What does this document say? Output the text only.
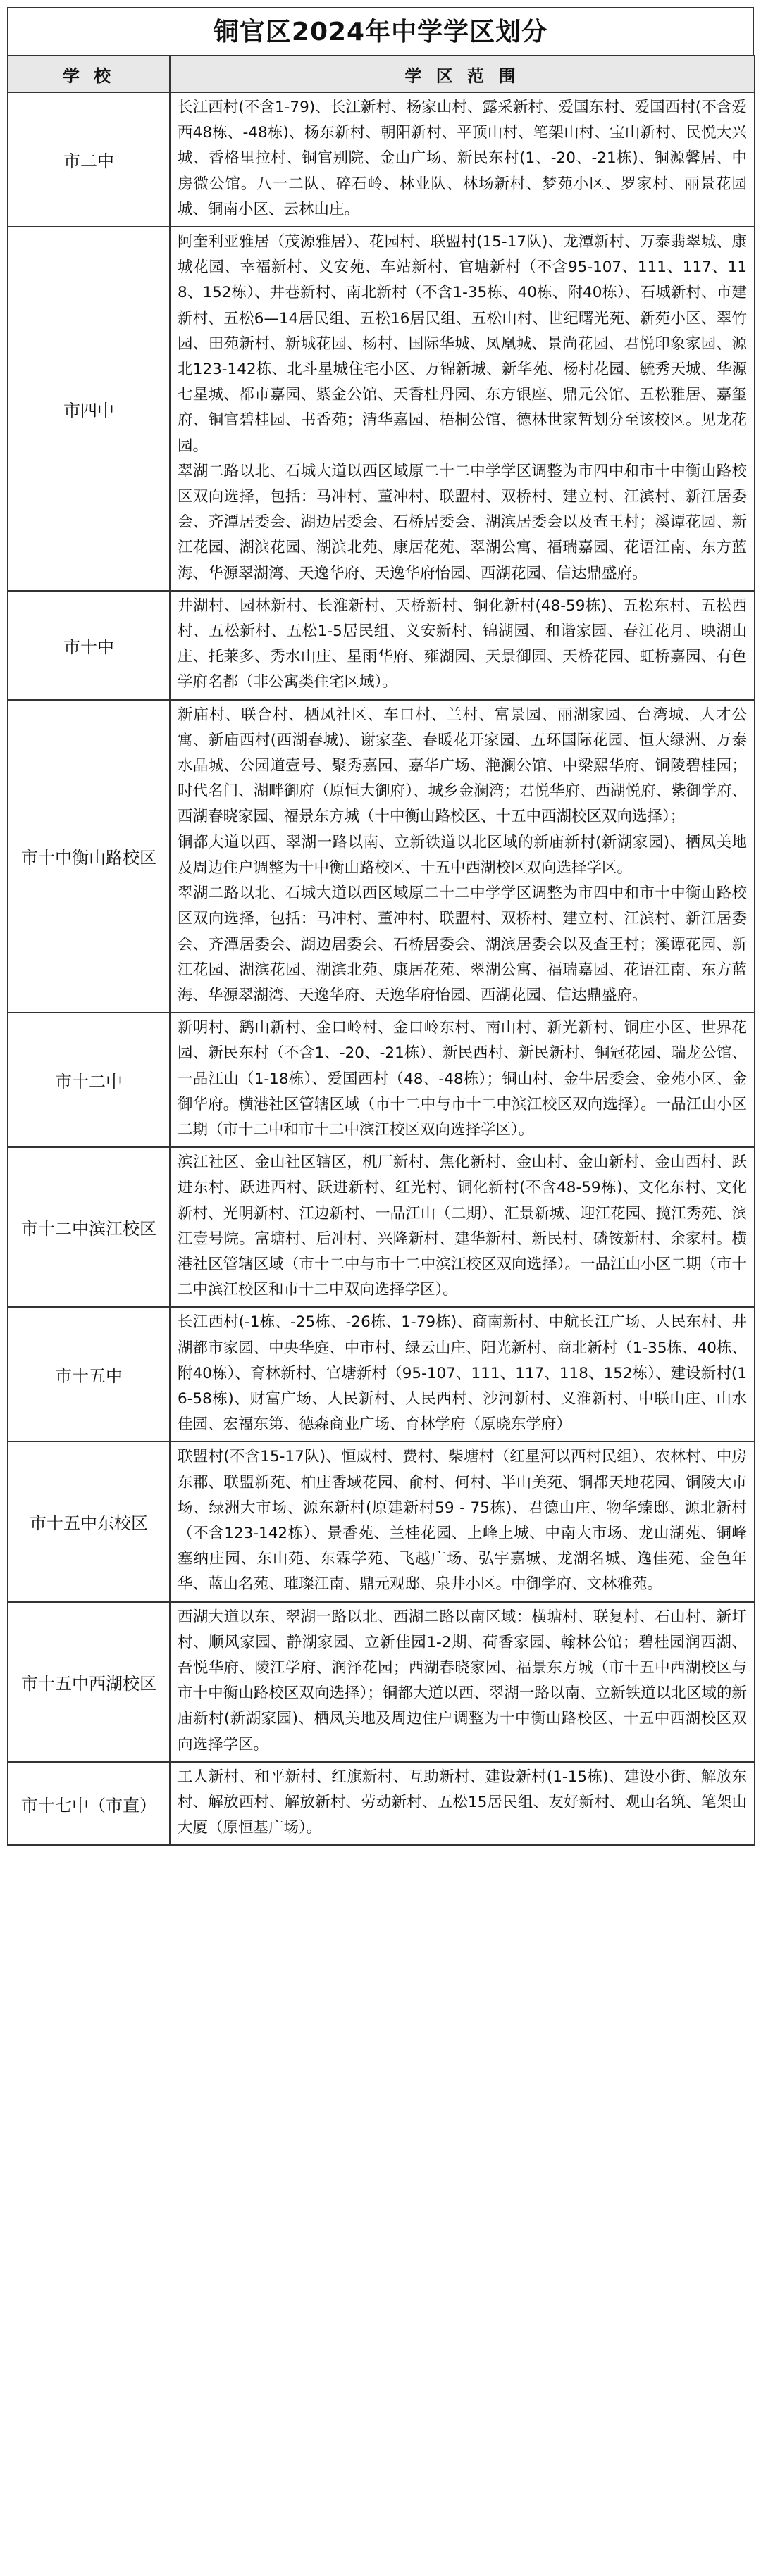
铜官区2024年中学学区划分
学 校	学 区 范 围
市二中	长江西村(不含1-79)、长江新村、杨家山村、露采新村、爱国东村、爱国西村(不含爱西48栋、-48栋)、杨东新村、朝阳新村、平顶山村、笔架山村、宝山新村、民悦大兴城、香格里拉村、铜官别院、金山广场、新民东村(1、-20、-21栋)、铜源馨居、中房微公馆。八一二队、碎石岭、林业队、林场新村、梦苑小区、罗家村、丽景花园城、铜南小区、云林山庄。

市四中	阿奎利亚雅居（茂源雅居）、花园村、联盟村(15-17队)、龙潭新村、万泰翡翠城、康城花园、幸福新村、义安苑、车站新村、官塘新村（不含95-107、111、117、118、152栋）、井巷新村、南北新村（不含1-35栋、40栋、附40栋）、石城新村、市建新村、五松6—14居民组、五松16居民组、五松山村、世纪曙光苑、新苑小区、翠竹园、田苑新村、新城花园、杨村、国际华城、凤凰城、景尚花园、君悦印象家园、源北123-142栋、北斗星城住宅小区、万锦新城、新华苑、杨村花园、毓秀天城、华源七星城、都市嘉园、紫金公馆、天香杜丹园、东方银座、鼎元公馆、五松雅居、嘉玺府、铜官碧桂园、书香苑；清华嘉园、梧桐公馆、德林世家暂划分至该校区。见龙花园。

翠湖二路以北、石城大道以西区域原二十二中学学区调整为市四中和市十中衡山路校区双向选择，包括：马冲村、董冲村、联盟村、双桥村、建立村、江滨村、新江居委会、齐潭居委会、湖边居委会、石桥居委会、湖滨居委会以及查王村；溪谭花园、新江花园、湖滨花园、湖滨北苑、康居花苑、翠湖公寓、福瑞嘉园、花语江南、东方蓝海、华源翠湖湾、天逸华府、天逸华府怡园、西湖花园、信达鼎盛府。

市十中	井湖村、园林新村、长淮新村、天桥新村、铜化新村(48-59栋)、五松东村、五松西村、五松新村、五松1-5居民组、义安新村、锦湖园、和谐家园、春江花月、映湖山庄、托莱多、秀水山庄、星雨华府、雍湖园、天景御园、天桥花园、虹桥嘉园、有色学府名都（非公寓类住宅区域）。

市十中衡山路校区	新庙村、联合村、栖凤社区、车口村、兰村、富景园、丽湖家园、台湾城、人才公寓、新庙西村(西湖春城)、谢家垄、春暖花开家园、五环国际花园、恒大绿洲、万泰水晶城、公园道壹号、聚秀嘉园、嘉华广场、滟澜公馆、中梁熙华府、铜陵碧桂园；时代名门、湖畔御府（原恒大御府）、城乡金澜湾；君悦华府、西湖悦府、紫御学府、西湖春晓家园、福景东方城（十中衡山路校区、十五中西湖校区双向选择）；

铜都大道以西、翠湖一路以南、立新铁道以北区域的新庙新村(新湖家园)、栖凤美地及周边住户调整为十中衡山路校区、十五中西湖校区双向选择学区。

翠湖二路以北、石城大道以西区域原二十二中学学区调整为市四中和市十中衡山路校区双向选择，包括：马冲村、董冲村、联盟村、双桥村、建立村、江滨村、新江居委会、齐潭居委会、湖边居委会、石桥居委会、湖滨居委会以及查王村；溪谭花园、新江花园、湖滨花园、湖滨北苑、康居花苑、翠湖公寓、福瑞嘉园、花语江南、东方蓝海、华源翠湖湾、天逸华府、天逸华府怡园、西湖花园、信达鼎盛府。

市十二中	新明村、鹞山新村、金口岭村、金口岭东村、南山村、新光新村、铜庄小区、世界花园、新民东村（不含1、-20、-21栋）、新民西村、新民新村、铜冠花园、瑞龙公馆、一品江山（1-18栋）、爱国西村（48、-48栋）；铜山村、金牛居委会、金苑小区、金御华府。横港社区管辖区域（市十二中与市十二中滨江校区双向选择）。一品江山小区二期（市十二中和市十二中滨江校区双向选择学区）。

市十二中滨江校区	滨江社区、金山社区辖区，机厂新村、焦化新村、金山村、金山新村、金山西村、跃进东村、跃进西村、跃进新村、红光村、铜化新村(不含48-59栋)、文化东村、文化新村、光明新村、江边新村、一品江山（二期）、汇景新城、迎江花园、揽江秀苑、滨江壹号院。富塘村、后冲村、兴隆新村、建华新村、新民村、磷铵新村、余家村。横港社区管辖区域（市十二中与市十二中滨江校区双向选择）。一品江山小区二期（市十二中滨江校区和市十二中双向选择学区）。

市十五中	长江西村(-1栋、-25栋、-26栋、1-79栋)、商南新村、中航长江广场、人民东村、井湖都市家园、中央华庭、中市村、绿云山庄、阳光新村、商北新村（1-35栋、40栋、附40栋）、育林新村、官塘新村（95-107、111、117、118、152栋）、建设新村(16-58栋)、财富广场、人民新村、人民西村、沙河新村、义淮新村、中联山庄、山水佳园、宏福东第、德森商业广场、育林学府（原晓东学府）

市十五中东校区	联盟村(不含15-17队)、恒威村、费村、柴塘村（红星河以西村民组）、农林村、中房东郡、联盟新苑、柏庄香域花园、俞村、何村、半山美苑、铜都天地花园、铜陵大市场、绿洲大市场、源东新村(原建新村59 - 75栋)、君德山庄、物华臻邸、源北新村（不含123-142栋）、景香苑、兰桂花园、上峰上城、中南大市场、龙山湖苑、铜峰塞纳庄园、东山苑、东霖学苑、飞越广场、弘宇嘉城、龙湖名城、逸佳苑、金色年华、蓝山名苑、璀璨江南、鼎元观邸、泉井小区。中御学府、文林雅苑。

市十五中西湖校区	西湖大道以东、翠湖一路以北、西湖二路以南区域：横塘村、联复村、石山村、新圩村、顺风家园、静湖家园、立新佳园1-2期、荷香家园、翰林公馆；碧桂园润西湖、吾悦华府、陵江学府、润泽花园；西湖春晓家园、福景东方城（市十五中西湖校区与市十中衡山路校区双向选择）；铜都大道以西、翠湖一路以南、立新铁道以北区域的新庙新村(新湖家园)、栖凤美地及周边住户调整为十中衡山路校区、十五中西湖校区双向选择学区。

市十七中（市直）	工人新村、和平新村、红旗新村、互助新村、建设新村(1-15栋)、建设小街、解放东村、解放西村、解放新村、劳动新村、五松15居民组、友好新村、观山名筑、笔架山大厦（原恒基广场）。
